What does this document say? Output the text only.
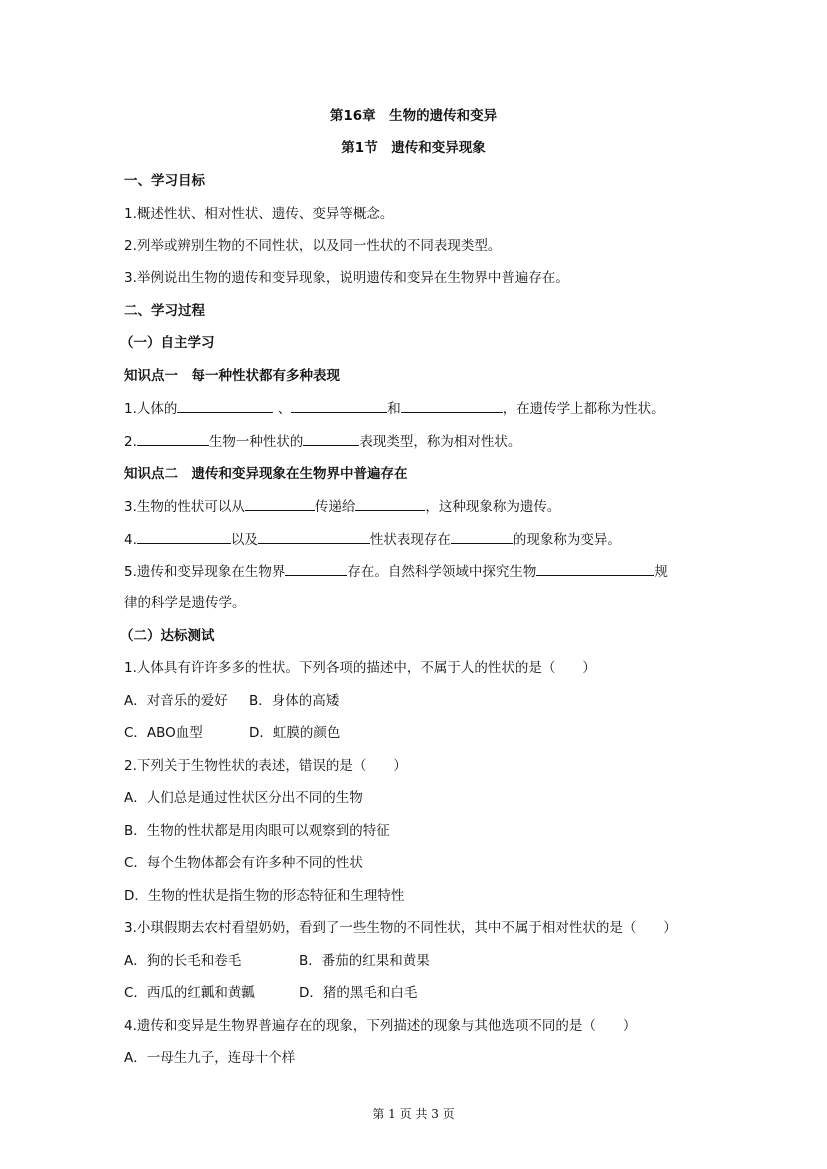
第16章　生物的遗传和变异
第1节　遗传和变异现象
一、学习目标
1.概述性状、相对性状、遗传、变异等概念。
2.列举或辨别生物的不同性状，以及同一性状的不同表现类型。
3.举例说出生物的遗传和变异现象，说明遗传和变异在生物界中普遍存在。
二、学习过程
（一）自主学习
知识点一　每一种性状都有多种表现
1.人体的	、	和	，在遗传学上都称为性状。
2.	生物一种性状的	表现类型，称为相对性状。
知识点二　遗传和变异现象在生物界中普遍存在
3.生物的性状可以从	传递给	，这种现象称为遗传。
4.	以及	性状表现存在	的现象称为变异。
5.遗传和变异现象在生物界	存在。自然科学领域中探究生物	规
律的科学是遗传学。
（二）达标测试
1.人体具有许许多多的性状。下列各项的描述中，不属于人的性状的是（　　）
A．对音乐的爱好 B．身体的高矮
C．ABO血型	D．虹膜的颜色
2.下列关于生物性状的表述，错误的是（　　）
A．人们总是通过性状区分出不同的生物
B．生物的性状都是用肉眼可以观察到的特征
C．每个生物体都会有许多种不同的性状
D．生物的性状是指生物的形态特征和生理特性
3.小琪假期去农村看望奶奶，看到了一些生物的不同性状，其中不属于相对性状的是（　　）
A．狗的长毛和卷毛	B．番茄的红果和黄果
C．西瓜的红瓤和黄瓤	D．猪的黑毛和白毛
4.遗传和变异是生物界普遍存在的现象，下列描述的现象与其他选项不同的是（　　）
A．一母生九子，连母十个样
第 1 页 共 3 页
